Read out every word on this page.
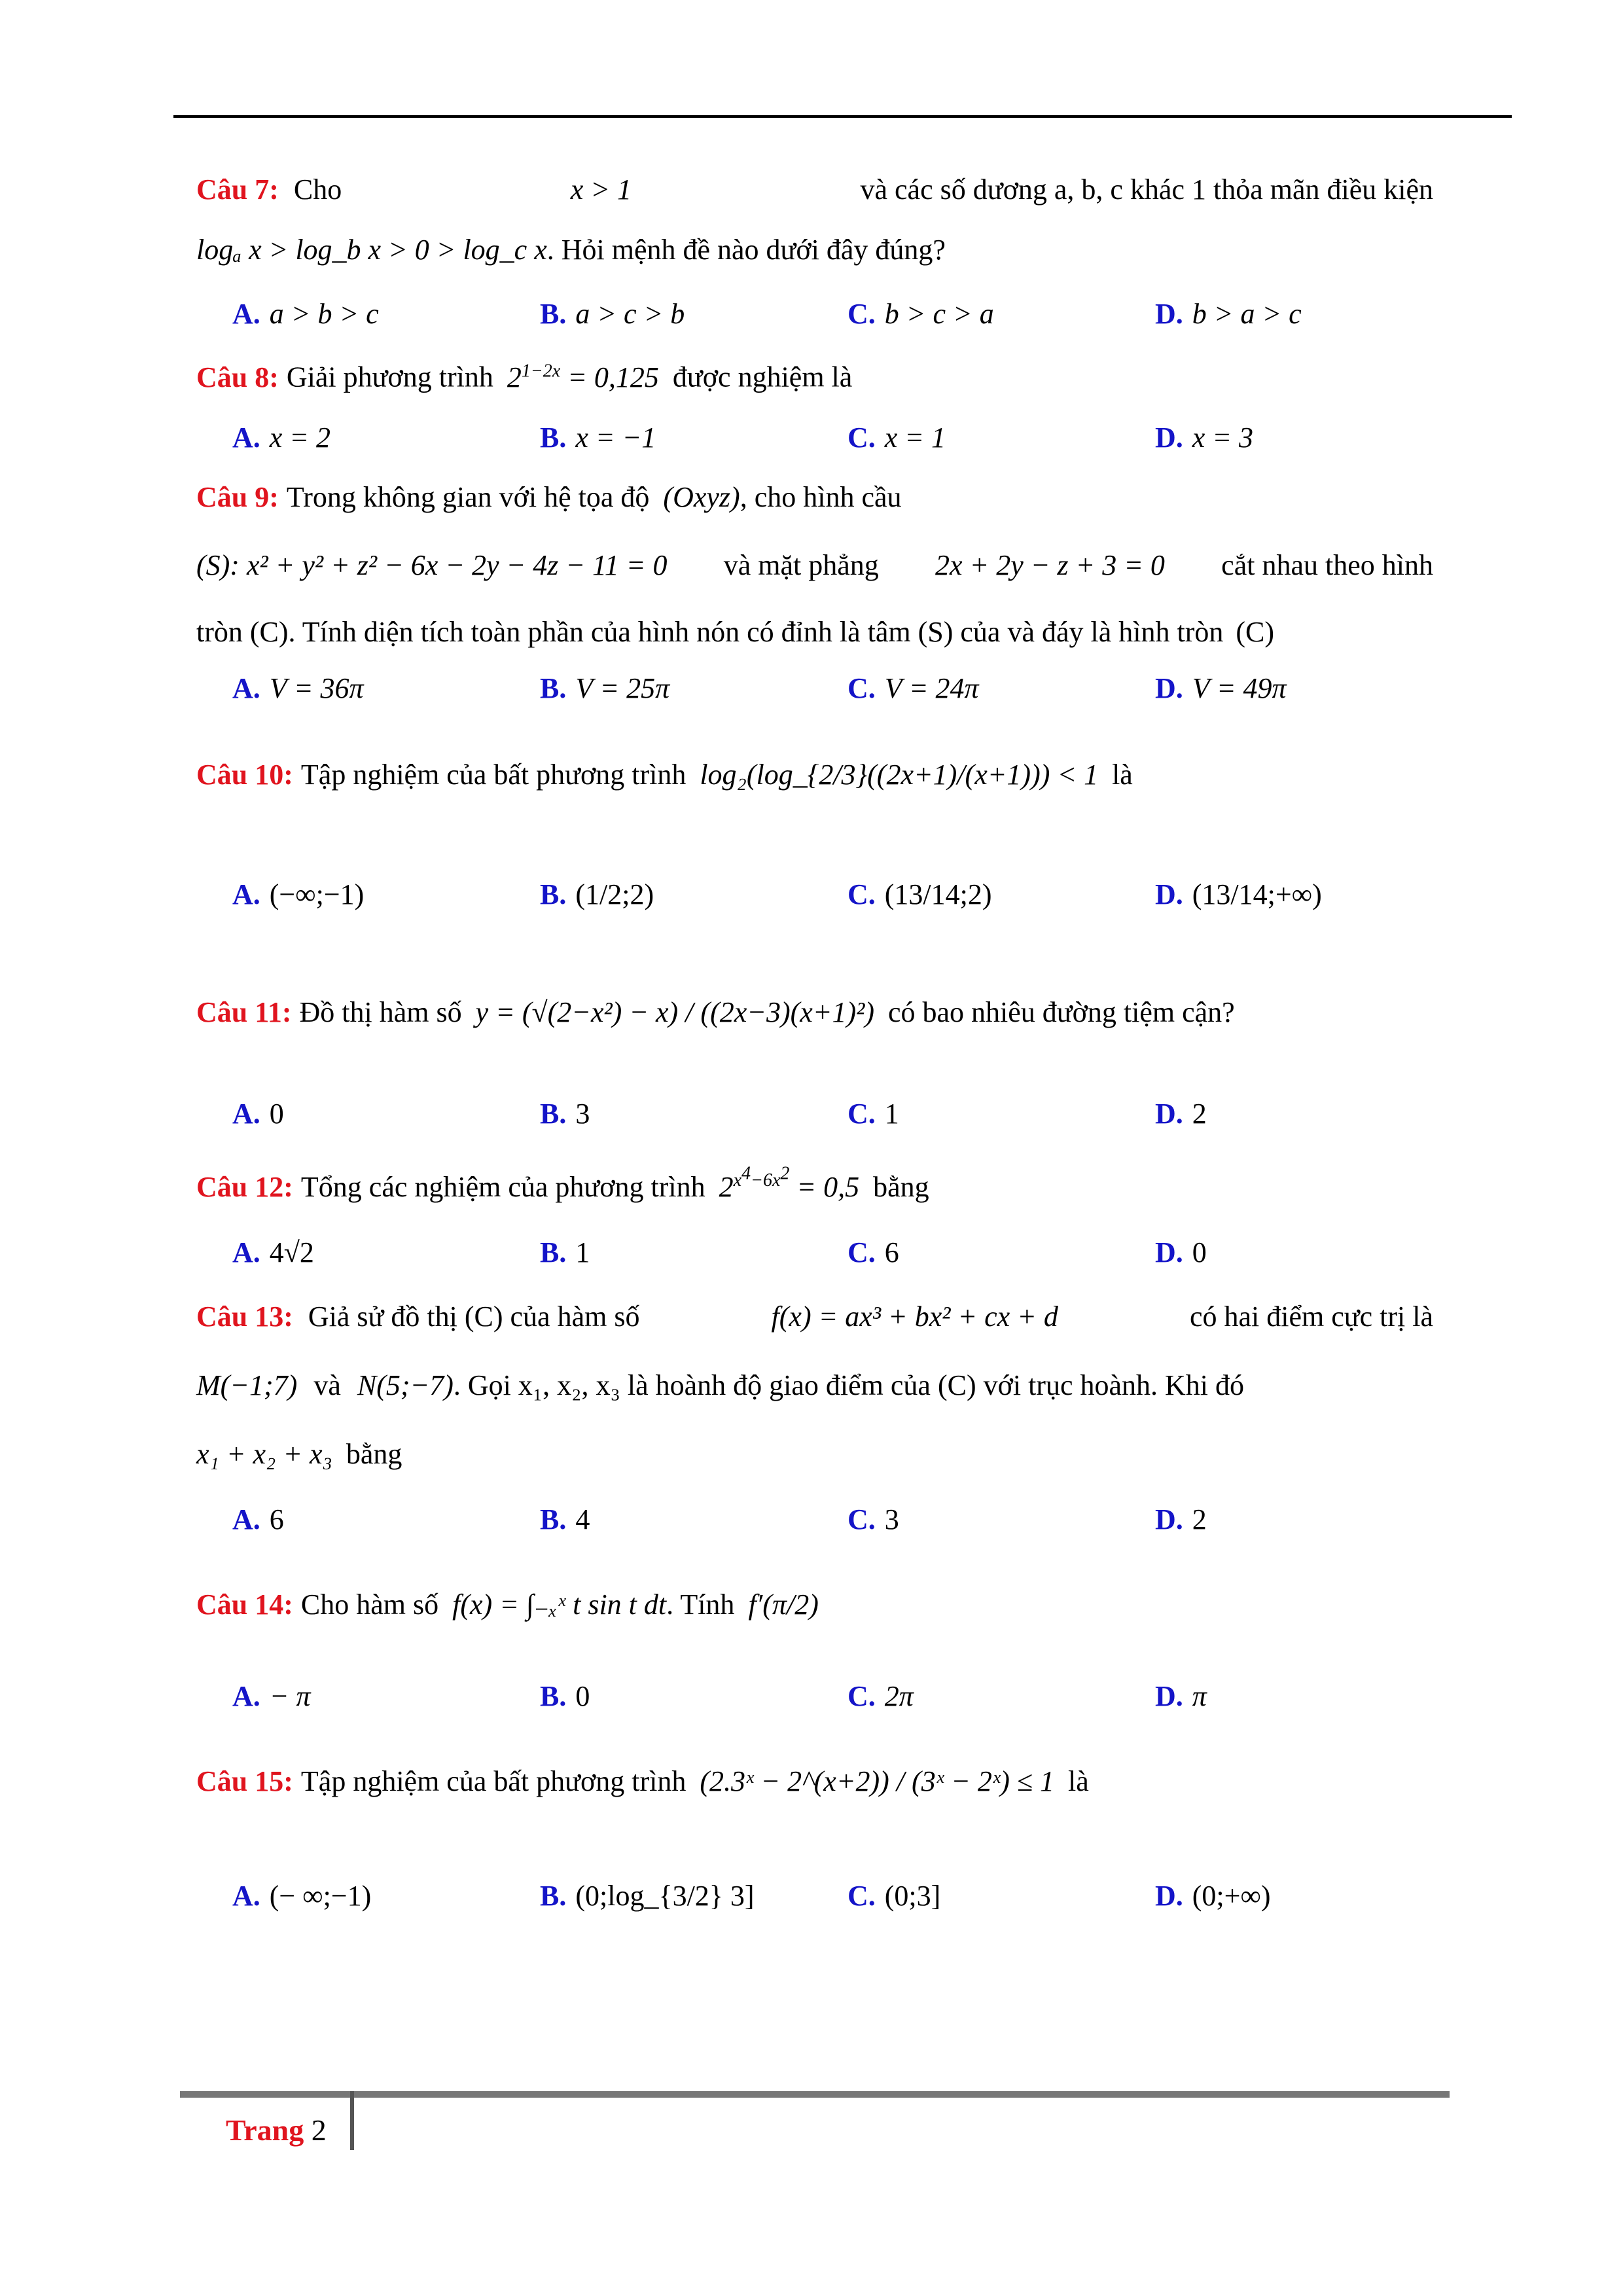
Câu 7: Cho	x > 1	và các số dương a, b, c khác 1 thỏa mãn điều kiện
logₐ x > log_b x > 0 > log_c x. Hỏi mệnh đề nào dưới đây đúng?
A. a > b > c	B. a > c > b	C. b > c > a	D. b > a > c
Câu 8: Giải phương trình $2^{1-2x} = 0,125$ được nghiệm là
A. x = 2	B. x = −1	C. x = 1	D. x = 3
Câu 9: Trong không gian với hệ tọa độ (Oxyz), cho hình cầu
(S): x² + y² + z² − 6x − 2y − 4z − 11 = 0 và mặt phẳng 2x + 2y − z + 3 = 0 cắt nhau theo hình
tròn (C). Tính diện tích toàn phần của hình nón có đỉnh là tâm (S) của và đáy là hình tròn (C)
A. V = 36π	B. V = 25π	C. V = 24π	D. V = 49π
Câu 10: Tập nghiệm của bất phương trình log₂(log_{2/3}((2x+1)/(x+1))) < 1 là
A. (−∞;−1)	B. (1/2;2)	C. (13/14;2)	D. (13/14;+∞)
Câu 11: Đồ thị hàm số y = (√(2−x²) − x) / ((2x−3)(x+1)²) có bao nhiêu đường tiệm cận?
A. 0	B. 3	C. 1	D. 2
Câu 12: Tổng các nghiệm của phương trình $2^{x^4-6x^2} = 0,5$ bằng
A. 4√2	B. 1	C. 6	D. 0
Câu 13: Giả sử đồ thị (C) của hàm số	f(x) = ax³ + bx² + cx + d	có hai điểm cực trị là
M(−1;7) và N(5;−7). Gọi x₁, x₂, x₃ là hoành độ giao điểm của (C) với trục hoành. Khi đó
x₁ + x₂ + x₃ bằng
A. 6	B. 4	C. 3	D. 2
Câu 14: Cho hàm số f(x) = ∫₋ₓˣ t sin t dt. Tính f′(π/2)
A. − π	B. 0	C. 2π	D. π
Câu 15: Tập nghiệm của bất phương trình (2.3ˣ − 2^(x+2)) / (3ˣ − 2ˣ) ≤ 1 là
A. (− ∞;−1)	B. (0;log_{3/2} 3]	C. (0;3]	D. (0;+∞)
Trang 2
